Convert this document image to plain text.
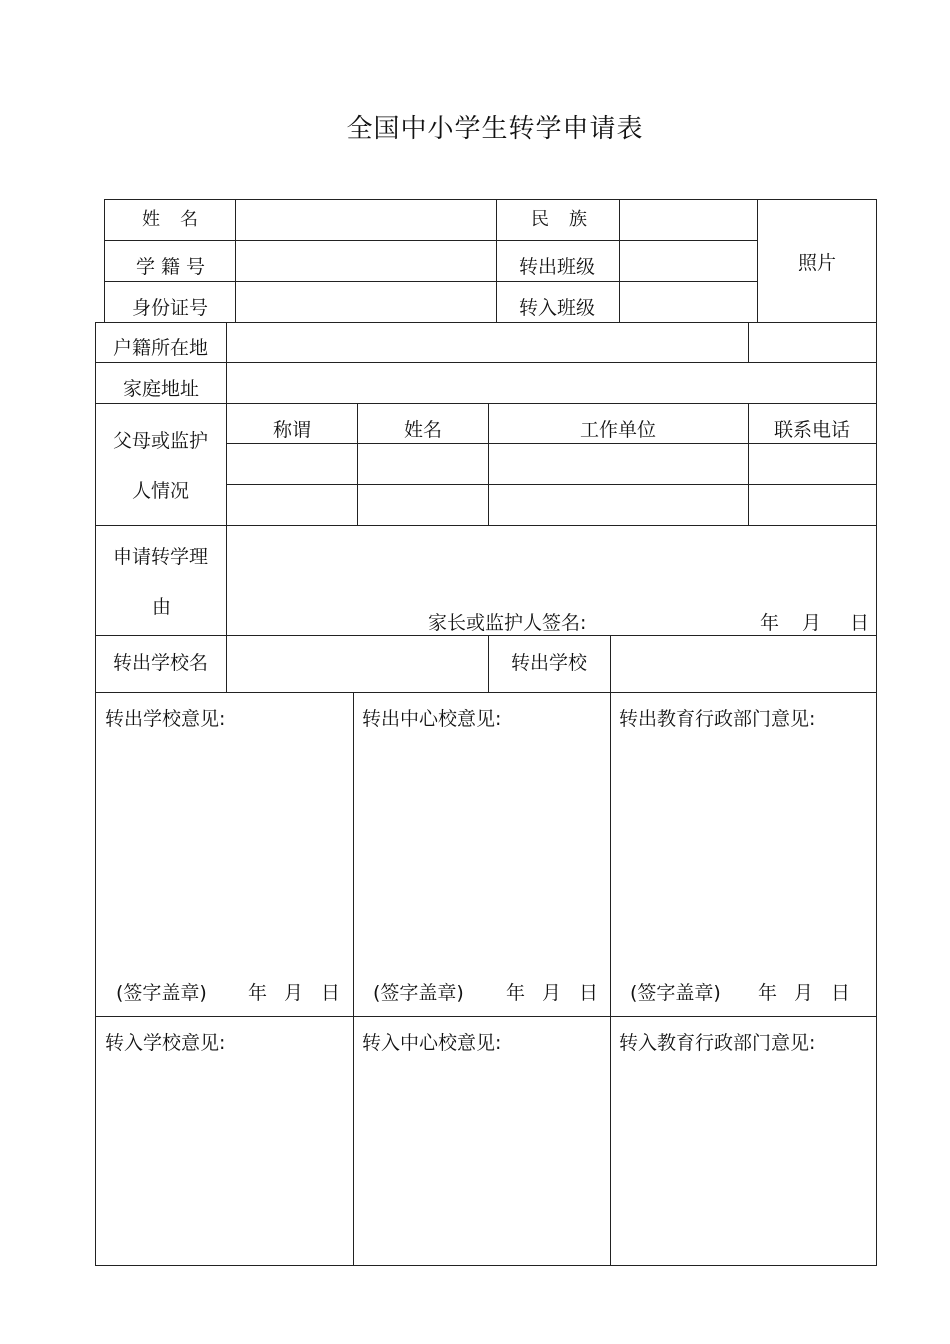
全国中小学生转学申请表
姓名	民族
学籍号	转出班级
身份证号	转入班级
照片
户籍所在地
家庭地址
父母或监护
人情况
称谓	姓名	工作单位	联系电话
申请转学理
由
家长或监护人签名:	年 月 日
转出学校名	转出学校
转出学校意见:	转出中心校意见:	转出教育行政部门意见:
(签字盖章) 年 月 日 (签字盖章) 年 月 日 (签字盖章) 年 月 日
转入学校意见:	转入中心校意见:	转入教育行政部门意见:
